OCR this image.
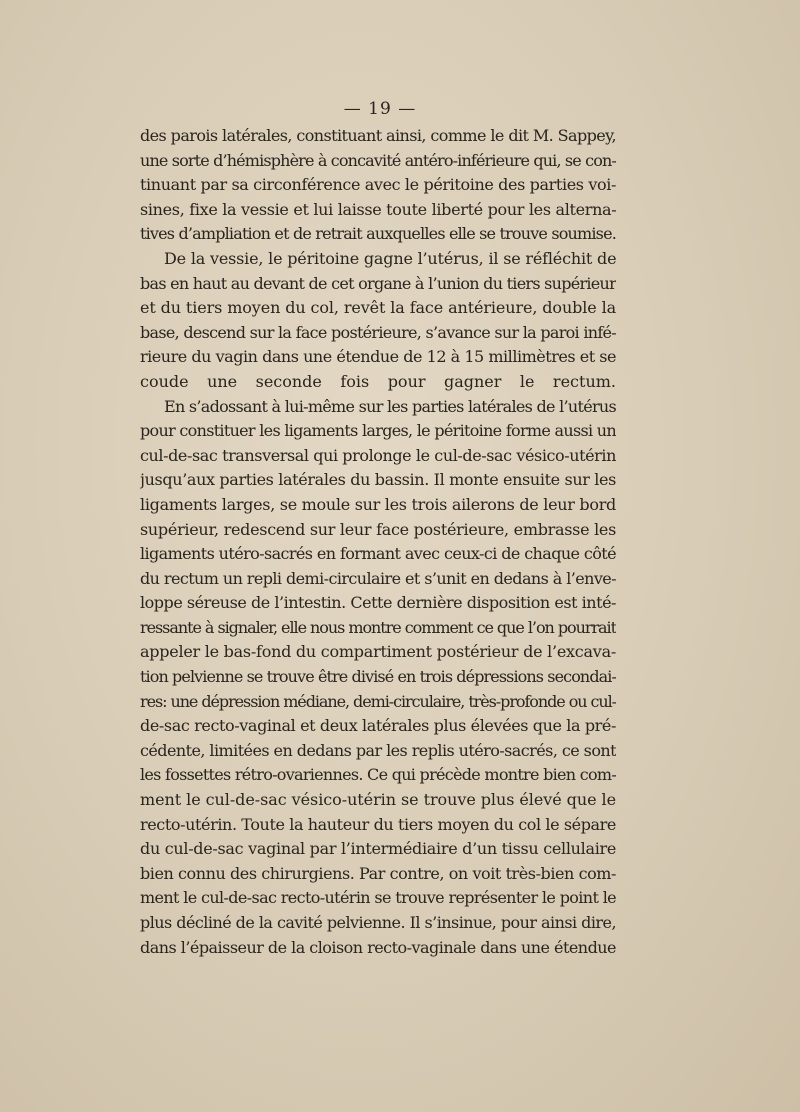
— 19 —
des parois latérales, constituant ainsi, comme le dit M. Sappey,
une sorte d’hémisphère à concavité antéro-inférieure qui, se con-
tinuant par sa circonférence avec le péritoine des parties voi-
sines, fixe la vessie et lui laisse toute liberté pour les alterna-
tives d’ampliation et de retrait auxquelles elle se trouve soumise.
De la vessie, le péritoine gagne l’utérus, il se réfléchit de
bas en haut au devant de cet organe à l’union du tiers supérieur
et du tiers moyen du col, revêt la face antérieure, double la
base, descend sur la face postérieure, s’avance sur la paroi infé-
rieure du vagin dans une étendue de 12 à 15 millimètres et se
coude une seconde fois pour gagner le rectum.
En s’adossant à lui-même sur les parties latérales de l’utérus
pour constituer les ligaments larges, le péritoine forme aussi un
cul-de-sac transversal qui prolonge le cul-de-sac vésico-utérin
jusqu’aux parties latérales du bassin. Il monte ensuite sur les
ligaments larges, se moule sur les trois ailerons de leur bord
supérieur, redescend sur leur face postérieure, embrasse les
ligaments utéro-sacrés en formant avec ceux-ci de chaque côté
du rectum un repli demi-circulaire et s’unit en dedans à l’enve-
loppe séreuse de l’intestin. Cette dernière disposition est inté-
ressante à signaler, elle nous montre comment ce que l’on pourrait
appeler le bas-fond du compartiment postérieur de l’excava-
tion pelvienne se trouve être divisé en trois dépressions secondai-
res: une dépression médiane, demi-circulaire, très-profonde ou cul-
de-sac recto-vaginal et deux latérales plus élevées que la pré-
cédente, limitées en dedans par les replis utéro-sacrés, ce sont
les fossettes rétro-ovariennes. Ce qui précède montre bien com-
ment le cul-de-sac vésico-utérin se trouve plus élevé que le
recto-utérin. Toute la hauteur du tiers moyen du col le sépare
du cul-de-sac vaginal par l’intermédiaire d’un tissu cellulaire
bien connu des chirurgiens. Par contre, on voit très-bien com-
ment le cul-de-sac recto-utérin se trouve représenter le point le
plus décliné de la cavité pelvienne. Il s’insinue, pour ainsi dire,
dans l’épaisseur de la cloison recto-vaginale dans une étendue
